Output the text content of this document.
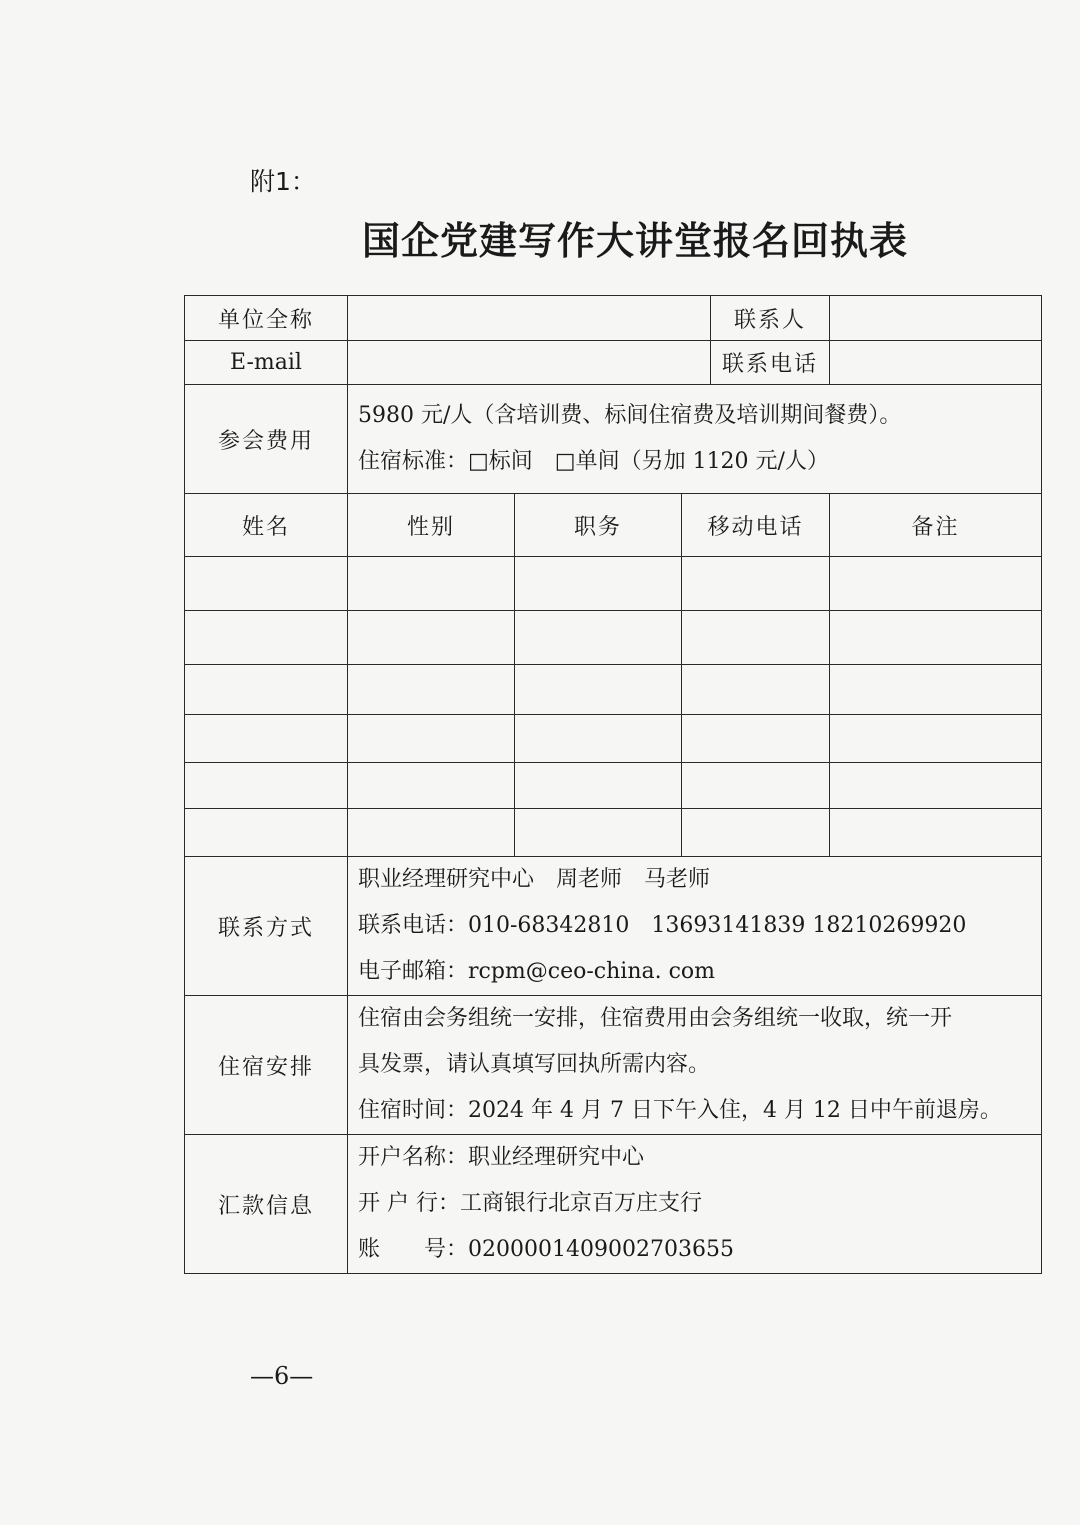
附1：
国企党建写作大讲堂报名回执表
单位全称				联系人	
E-mail				联系电话	
参会费用	5980 元/人（含培训费、标间住宿费及培训期间餐费）。
住宿标准：□标间　□单间（另加 1120 元/人）				

姓名	性别	职务	移动电话		备注

联系方式	职业经理研究中心　周老师　马老师
联系电话：010-68342810　13693141839 18210269920
电子邮箱：rcpm@ceo-china. com				

住宿安排	住宿由会务组统一安排，住宿费用由会务组统一收取，统一开
具发票，请认真填写回执所需内容。
住宿时间：2024 年 4 月 7 日下午入住，4 月 12 日中午前退房。				

汇款信息	开户名称：职业经理研究中心
开 户 行：工商银行北京百万庄支行
账　　号：0200001409002703655				
—6—
